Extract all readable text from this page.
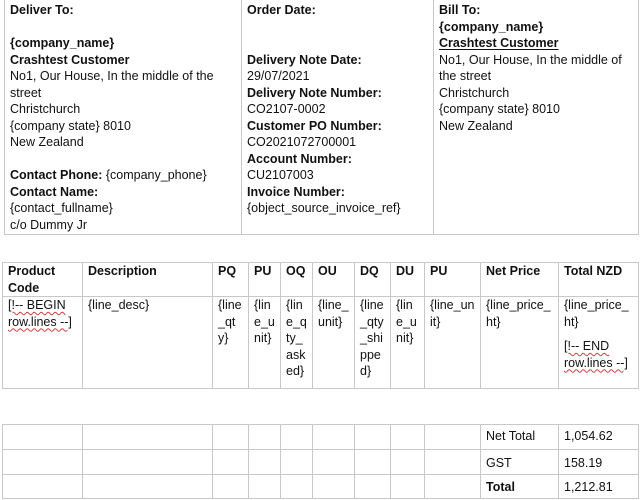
Deliver To:
{company_name}
Crashtest Customer
No1, Our House, In the middle of the street
Christchurch
{company state} 8010
New Zealand
Contact Phone: {company_phone}
Contact Name:
{contact_fullname}
c/o Dummy Jr

Order Date:
Delivery Note Date:
29/07/2021
Delivery Note Number:
CO2107-0002
Customer PO Number:
CO2021072700001
Account Number:
CU2107003
Invoice Number:
{object_source_invoice_ref}

Bill To:
{company_name}
Crashtest Customer
No1, Our House, In the middle of the street
Christchurch
{company state} 8010
New Zealand
Product Code	Description	PQ	PU	OQ	OU	DQ	DU	PU	Net Price	Total NZD
[!-- BEGIN row.lines --]	{line_desc}	{line_qty}	{line_unit}	{line_qty_asked}	{line_unit}	{line_qty_shipped}	{line_unit}	{line_unit}	{line_price_ht}	{line_price_ht}
[!-- END row.lines --]
									Net Total	1,054.62
									GST	158.19
									Total	1,212.81
